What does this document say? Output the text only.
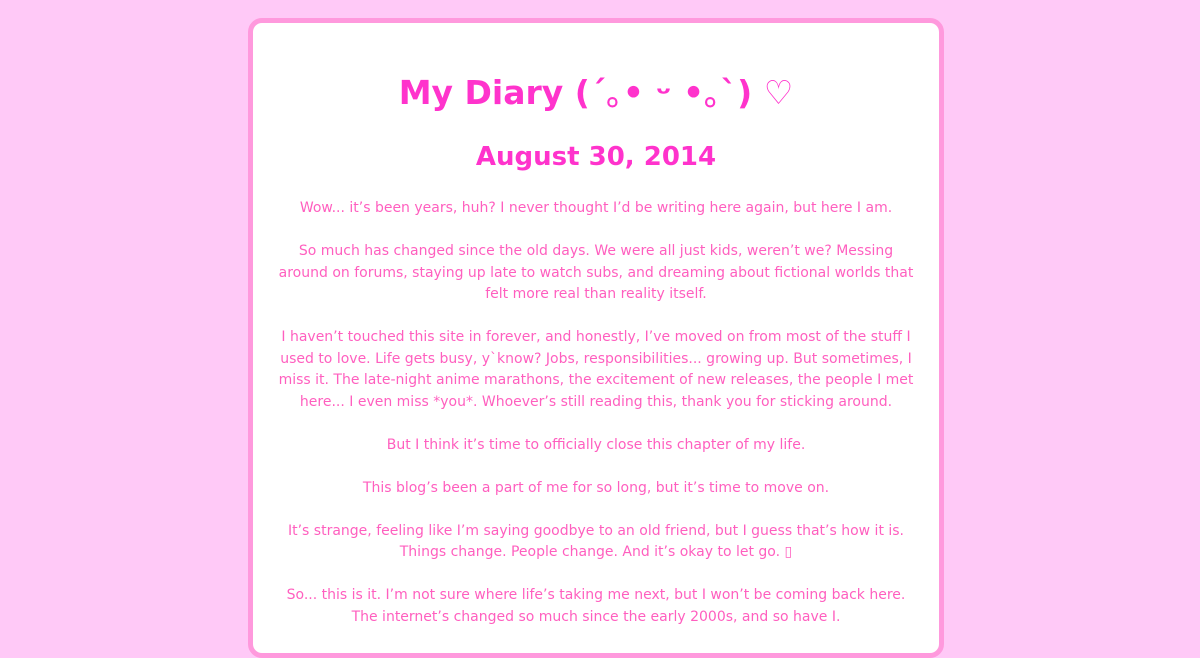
My Diary (´｡• ᵕ •｡`) ♡
August 30, 2014

Wow... it’s been years, huh? I never thought I’d be writing here again, but here I am.

So much has changed since the old days. We were all just kids, weren’t we? Messing around on forums, staying up late to watch subs, and dreaming about fictional worlds that felt more real than reality itself.

I haven’t touched this site in forever, and honestly, I’ve moved on from most of the stuff I used to love. Life gets busy, y`know? Jobs, responsibilities... growing up. But sometimes, I miss it. The late-night anime marathons, the excitement of new releases, the people I met here... I even miss *you*. Whoever’s still reading this, thank you for sticking around.

But I think it’s time to officially close this chapter of my life.

This blog’s been a part of me for so long, but it’s time to move on.

It’s strange, feeling like I’m saying goodbye to an old friend, but I guess that’s how it is. Things change. People change. And it’s okay to let go. ▯

So... this is it. I’m not sure where life’s taking me next, but I won’t be coming back here. The internet’s changed so much since the early 2000s, and so have I.
